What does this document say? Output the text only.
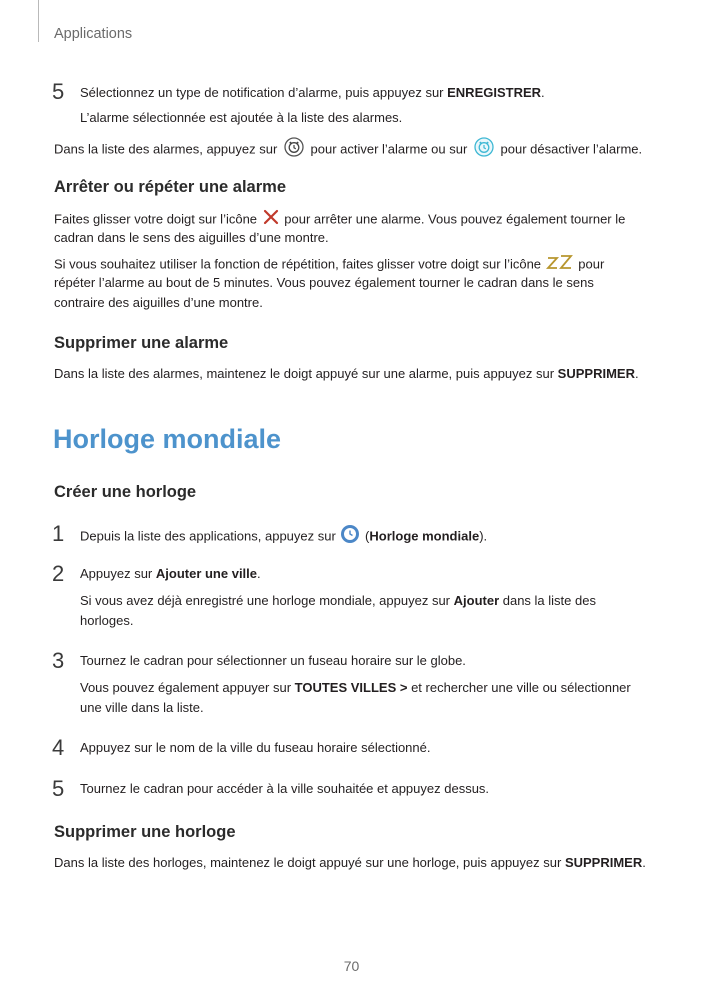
Applications
5 Sélectionnez un type de notification d’alarme, puis appuyez sur ENREGISTRER.
L’alarme sélectionnée est ajoutée à la liste des alarmes.
Dans la liste des alarmes, appuyez sur  pour activer l’alarme ou sur  pour désactiver l’alarme.
Arrêter ou répéter une alarme
Faites glisser votre doigt sur l’icône  pour arrêter une alarme. Vous pouvez également tourner le
cadran dans le sens des aiguilles d’une montre.
Si vous souhaitez utiliser la fonction de répétition, faites glisser votre doigt sur l’icône  pour
répéter l’alarme au bout de 5 minutes. Vous pouvez également tourner le cadran dans le sens
contraire des aiguilles d’une montre.
Supprimer une alarme
Dans la liste des alarmes, maintenez le doigt appuyé sur une alarme, puis appuyez sur SUPPRIMER.
Horloge mondiale
Créer une horloge
1 Depuis la liste des applications, appuyez sur  (Horloge mondiale).
2 Appuyez sur Ajouter une ville.
Si vous avez déjà enregistré une horloge mondiale, appuyez sur Ajouter dans la liste des
horloges.
3 Tournez le cadran pour sélectionner un fuseau horaire sur le globe.
Vous pouvez également appuyer sur TOUTES VILLES > et rechercher une ville ou sélectionner
une ville dans la liste.
4 Appuyez sur le nom de la ville du fuseau horaire sélectionné.
5 Tournez le cadran pour accéder à la ville souhaitée et appuyez dessus.
Supprimer une horloge
Dans la liste des horloges, maintenez le doigt appuyé sur une horloge, puis appuyez sur SUPPRIMER.
70
